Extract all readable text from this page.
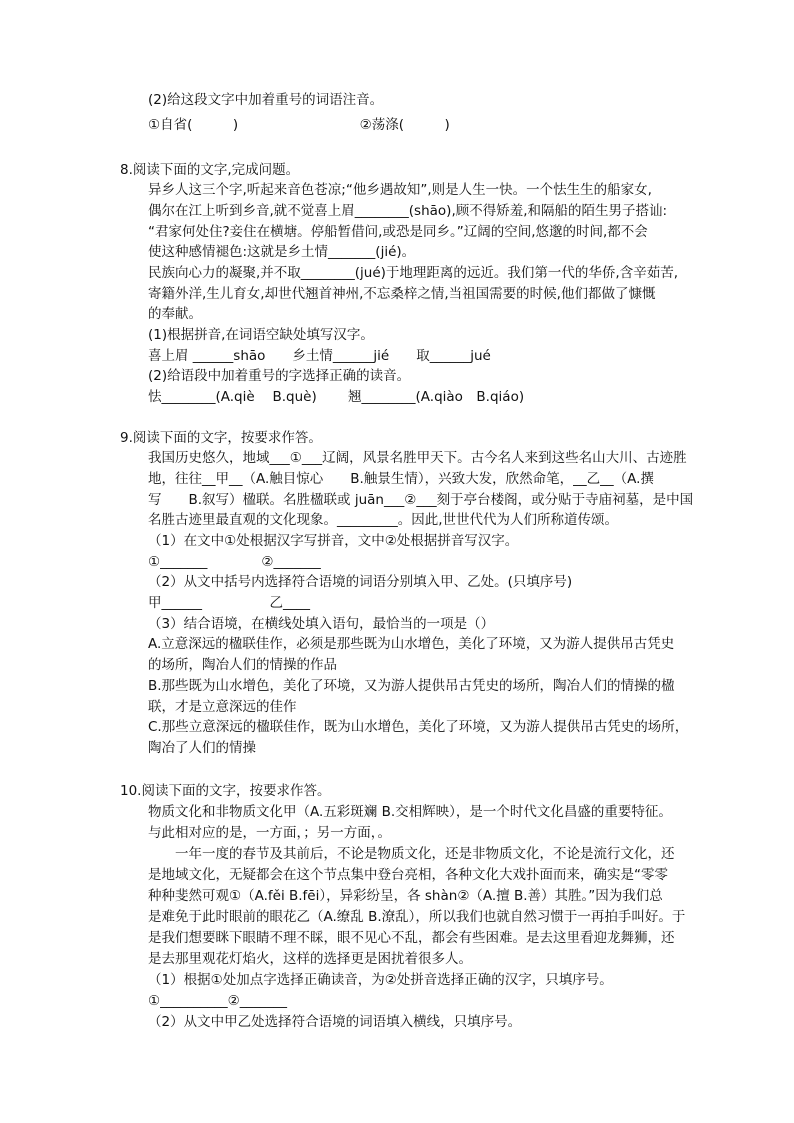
(2)给这段文字中加着重号的词语注音。
①自省(　　　)　　　　　　　　　②荡涤(　　　)
8.阅读下面的文字,完成问题。
异乡人这三个字,听起来音色苍凉;“他乡遇故知”,则是人生一快。一个怯生生的船家女,
偶尔在江上听到乡音,就不觉喜上眉________(shāo),顾不得矫羞,和隔船的陌生男子搭讪:
“君家何处住?妾住在横塘。停船暂借问,或恐是同乡。”辽阔的空间,悠邈的时间,都不会
使这种感情褪色:这就是乡土情_______(jié)。
民族向心力的凝聚,并不取________(jué)于地理距离的远近。我们第一代的华侨,含辛茹苦,
寄籍外洋,生儿育女,却世代翘首神州,不忘桑梓之情,当祖国需要的时候,他们都做了慷慨
的奉献。
(1)根据拼音,在词语空缺处填写汉字。
喜上眉 ______shāo　　乡土情______jié　　取______jué
(2)给语段中加着重号的字选择正确的读音。
怯________(A.qiè　 B.què)　　 翘________(A.qiào　B.qiáo)
9.阅读下面的文字，按要求作答。
我国历史悠久，地域___①___辽阔，风景名胜甲天下。古今名人来到这些名山大川、古迹胜
地，往往__甲__（A.触目惊心　　B.触景生情），兴致大发，欣然命笔，__乙__（A.撰
写　　B.叙写）楹联。名胜楹联或 juān___②___刻于亭台楼阁，或分贴于寺庙祠墓，是中国
名胜古迹里最直观的文化现象。_________。因此,世世代代为人们所称道传颂。
（1）在文中①处根据汉字写拼音，文中②处根据拼音写汉字。
①_______　　　　②_______
（2）从文中括号内选择符合语境的词语分别填入甲、乙处。(只填序号)
甲______　　　　　乙____
（3）结合语境，在横线处填入语句，最恰当的一项是（）
A.立意深远的楹联佳作，必须是那些既为山水增色，美化了环境，又为游人提供吊古凭史
的场所，陶冶人们的情操的作品
B.那些既为山水增色，美化了环境，又为游人提供吊古凭史的场所，陶冶人们的情操的楹
联，才是立意深远的佳作
C.那些立意深远的楹联佳作，既为山水增色，美化了环境，又为游人提供吊古凭史的场所，
陶冶了人们的情操
10.阅读下面的文字，按要求作答。
物质文化和非物质文化甲（A.五彩斑斓 B.交相辉映），是一个时代文化昌盛的重要特征。
与此相对应的是，一方面，；另一方面，。
　　一年一度的春节及其前后，不论是物质文化，还是非物质文化，不论是流行文化，还
是地域文化，无疑都会在这个节点集中登台亮相，各种文化大戏扑面而来，确实是“零零
种种斐然可观①（A.fěi B.fēi），异彩纷呈，各 shàn②（A.擅 B.善）其胜。”因为我们总
是难免于此时眼前的眼花乙（A.缭乱 B.潦乱），所以我们也就自然习惯于一再拍手叫好。于
是我们想要眯下眼睛不理不睬，眼不见心不乱，都会有些困难。是去这里看迎龙舞狮，还
是去那里观花灯焰火，这样的选择更是困扰着很多人。
（1）根据①处加点字选择正确读音，为②处拼音选择正确的汉字，只填序号。
①__________②_______
（2）从文中甲乙处选择符合语境的词语填入横线，只填序号。
